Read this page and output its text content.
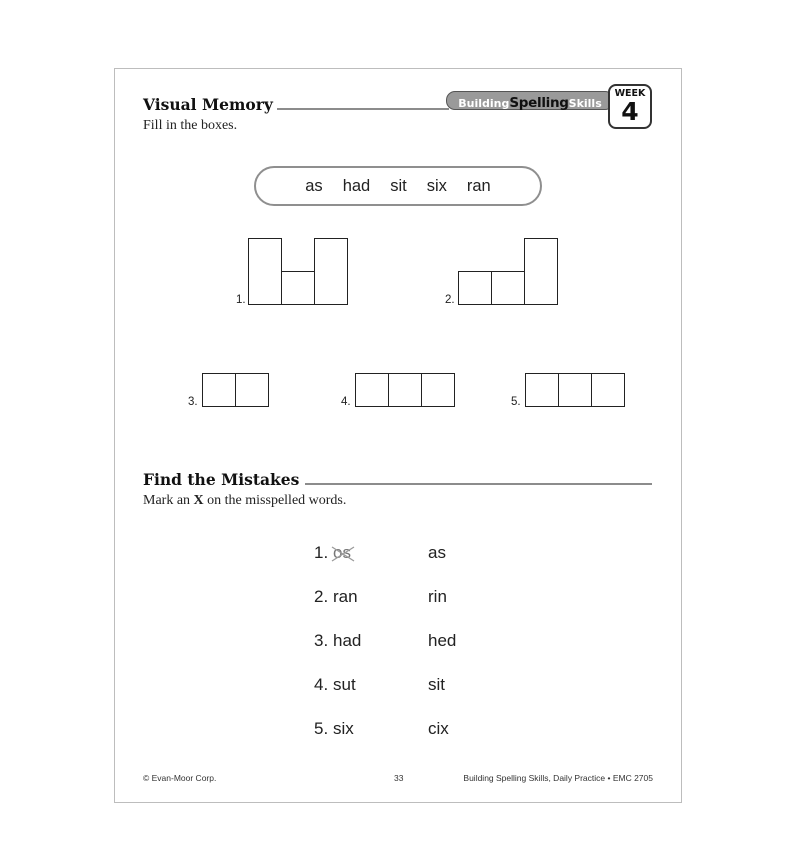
Visual Memory	BuildingSpellingSkills
WEEK
4
Fill in the boxes.
as had sit six ran
1.	2.
3.	4.	5.
Find the Mistakes
Mark an X on the misspelled words.
1. os	as
2. ran	rin
3. had	hed
4. sut	sit
5. six	cix
© Evan-Moor Corp.	33	Building Spelling Skills, Daily Practice • EMC 2705
